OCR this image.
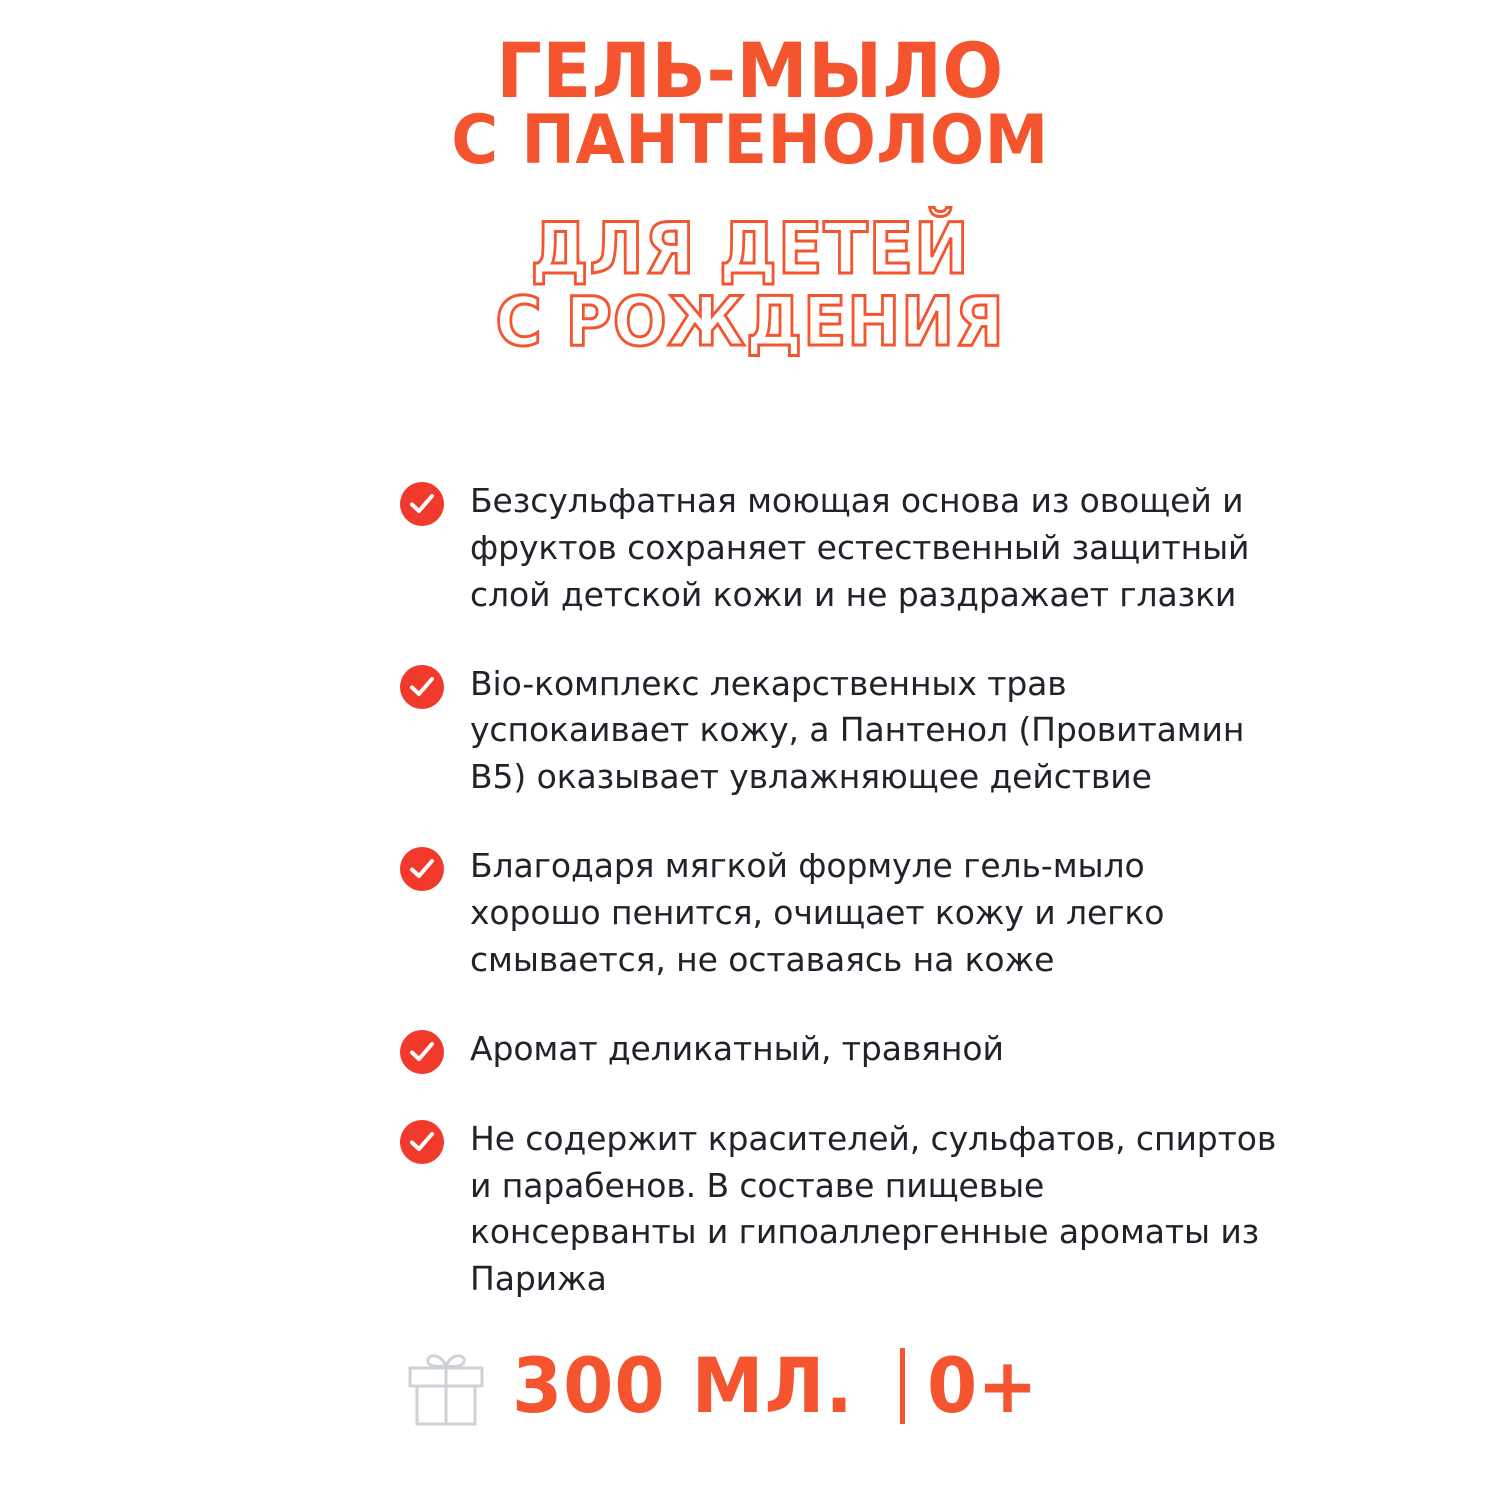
ГЕЛЬ-МЫЛО
С ПАНТЕНОЛОМ
ДЛЯ ДЕТЕЙ
С РОЖДЕНИЯ
Безсульфатная моющая основа из овощей и фруктов сохраняет естественный защитный слой детской кожи и не раздражает глазки
Bio-комплекс лекарственных трав успокаивает кожу, а Пантенол (Провитамин B5) оказывает увлажняющее действие
Благодаря мягкой формуле гель-мыло хорошо пенится, очищает кожу и легко смывается, не оставаясь на коже
Аромат деликатный, травяной
Не содержит красителей, сульфатов, спиртов и парабенов. В составе пищевые консерванты и гипоаллергенные ароматы из Парижа
300 МЛ. 0+
